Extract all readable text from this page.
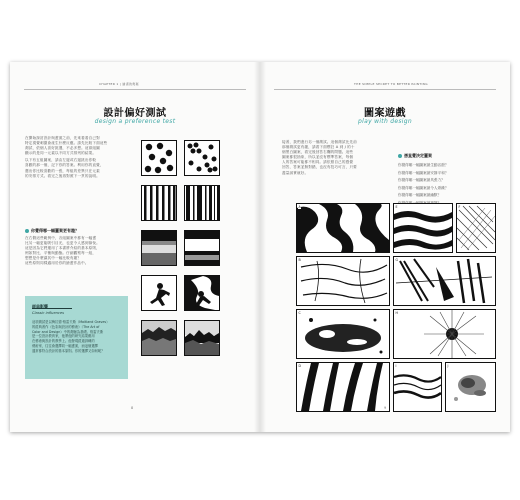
CHAPTER 1 | 繪畫的奧秘
設計偏好測試
design a preference test
在開始探討設計與畫面之前，先來看看自己對
特定視覺刺激會產生什麼反應。請先比較下面這些
測試，依個人喜好挑選，不必多想。這兩組圖
顯示的是同一元素以不同方式排列的結果。
以下有五組圖案，請由左邊或右邊挑出你較
喜歡的那一個，記下你的答案。利用你的直覺，
選出你比較喜歡的一張，每組的差異只在元素
的安排方式。看完之後再對照下一頁的說明。
你覺得哪一幅圖案更有趣？
在右側這些範例中，各組圖案中都有一幅畫
比另一幅更能吸引目光，也更令人感到愉悅。
這是因為它們運用了本書將介紹的基本原則，
例如對比、平衡與動態。仔細觀察每一組，
想想是什麼讓其中一幅比較有趣？
這些原則同樣適用於你的繪畫作品中。
經典影響
Classic influences
這項測試是以梅拉德·格雷夫斯（Maitland Graves）
的經典著作《色彩與設計的藝術》（The Art of
Color and Design）中的測驗為基礎。格雷夫斯
是一位設計教育家，他將他的研究結果應用
在藝術與設計的教學上。他發現經過訓練的
藝術家，往往會選擇同一幅畫面，而這個選擇
通常都符合設計的基本原則。你的選擇又如何呢？
8
THE SIMPLE SECRET TO BETTER PAINTING
圖案遊戲
play with design
接著，我們進行另一個測試。這個測試比先前
那個測試更有趣，請看下面標註 A 到 J 的十
個黑白圖案，看完後回答右欄的問題。這些
圖案都很抽象，所以並沒有標準答案，每個
人的答案可能都不相同。請依照自己的感覺
回答，答案並無對錯，也沒有技巧可言，只要
盡量誠實就好。
憑直覺決定圖案
你覺得哪一幅圖案最生動活潑？
你覺得哪一幅圖案最安靜平和？
你覺得哪一幅圖案最具張力？
你覺得哪一幅圖案最令人煩躁？
你覺得哪一幅圖案最幽默？
A
B
C
D
E	F
G
H
I	J
9
